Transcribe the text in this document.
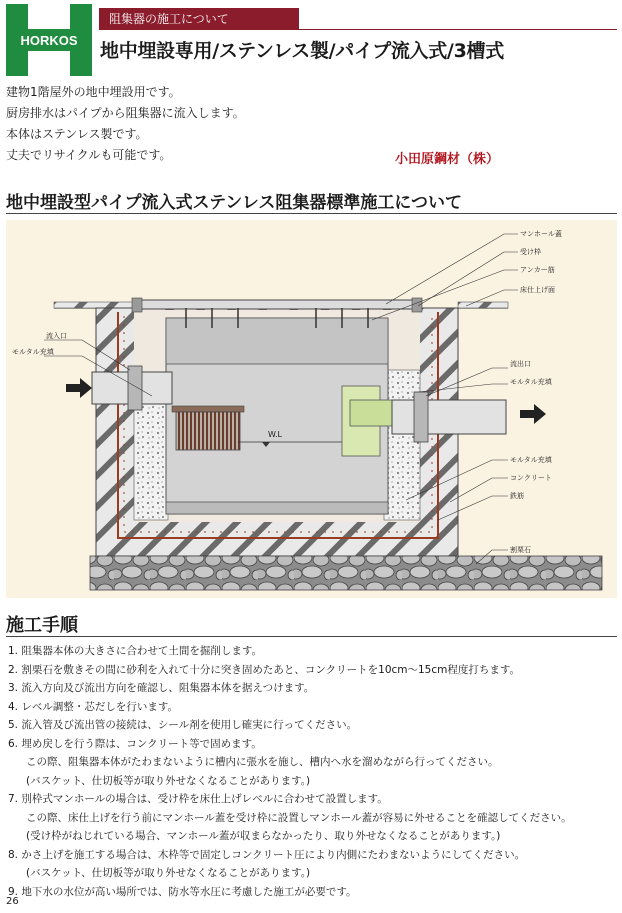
HORKOS
阻集器の施工について
地中埋設専用/ステンレス製/パイプ流入式/3槽式
建物1階屋外の地中埋設用です。
厨房排水はパイプから阻集器に流入します。
本体はステンレス製です。
丈夫でリサイクルも可能です。	小田原鋼材（株）
地中埋設型パイプ流入式ステンレス阻集器標準施工について
W.L
マンホール蓋
受け枠
アンカー筋
床仕上げ面
流入口
モルタル充填
流出口
モルタル充填
モルタル充填
コンクリート
鉄筋
割栗石
施工手順
1. 阻集器本体の大きさに合わせて土間を掘削します。
2. 割栗石を敷きその間に砂利を入れて十分に突き固めたあと、コンクリートを10cm～15cm程度打ちます。
3. 流入方向及び流出方向を確認し、阻集器本体を据えつけます。
4. レベル調整・芯だしを行います。
5. 流入管及び流出管の接続は、シール剤を使用し確実に行ってください。
6. 埋め戻しを行う際は、コンクリート等で固めます。
この際、阻集器本体がたわまないように槽内に張水を施し、槽内へ水を溜めながら行ってください。
(バスケット、仕切板等が取り外せなくなることがあります。)
7. 別枠式マンホールの場合は、受け枠を床仕上げレベルに合わせて設置します。
この際、床仕上げを行う前にマンホール蓋を受け枠に設置しマンホール蓋が容易に外せることを確認してください。
(受け枠がねじれている場合、マンホール蓋が収まらなかったり、取り外せなくなることがあります。)
8. かさ上げを施工する場合は、木枠等で固定しコンクリート圧により内側にたわまないようにしてください。
(バスケット、仕切板等が取り外せなくなることがあります。)
9. 地下水の水位が高い場所では、防水等水圧に考慮した施工が必要です。
26
